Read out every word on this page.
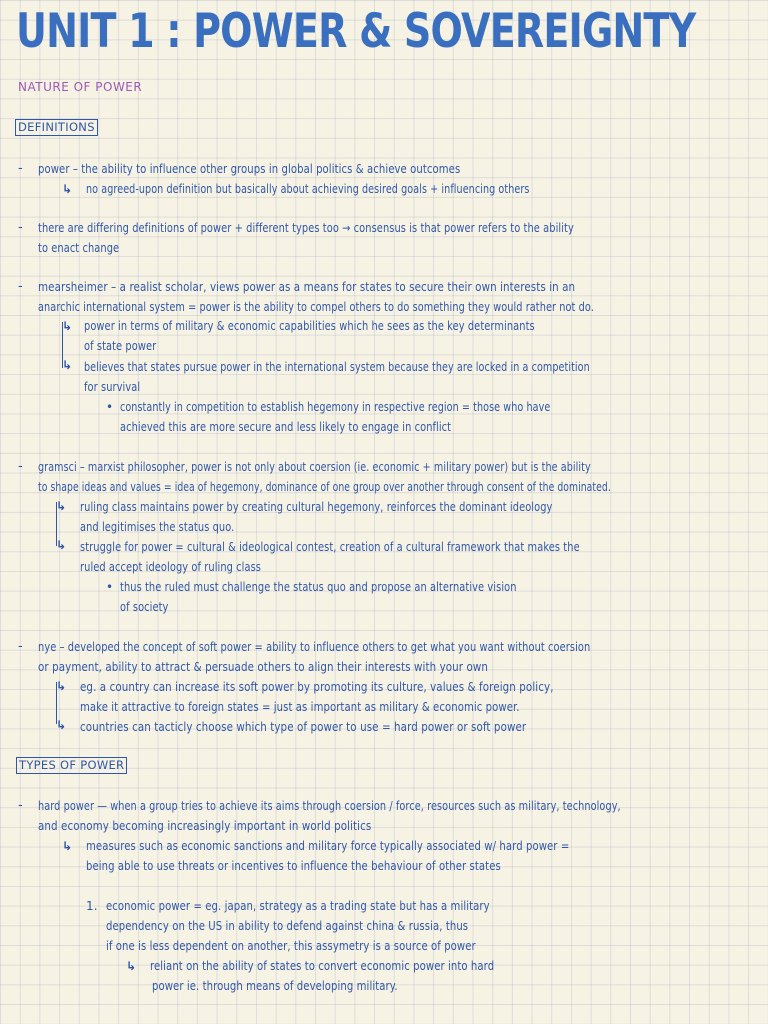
UNIT 1 : POWER & SOVEREIGNTY
NATURE OF POWER
DEFINITIONS
- power – the ability to influence other groups in global politics & achieve outcomes
↳ no agreed-upon definition but basically about achieving desired goals + influencing others
- there are differing definitions of power + different types too → consensus is that power refers to the ability
to enact change
- mearsheimer – a realist scholar, views power as a means for states to secure their own interests in an
anarchic international system = power is the ability to compel others to do something they would rather not do.
↳ power in terms of military & economic capabilities which he sees as the key determinants
of state power
↳ believes that states pursue power in the international system because they are locked in a competition
for survival
• constantly in competition to establish hegemony in respective region = those who have
achieved this are more secure and less likely to engage in conflict
- gramsci – marxist philosopher, power is not only about coersion (ie. economic + military power) but is the ability
to shape ideas and values = idea of hegemony, dominance of one group over another through consent of the dominated.
↳ ruling class maintains power by creating cultural hegemony, reinforces the dominant ideology
and legitimises the status quo.
↳ struggle for power = cultural & ideological contest, creation of a cultural framework that makes the
ruled accept ideology of ruling class
• thus the ruled must challenge the status quo and propose an alternative vision
of society
- nye – developed the concept of soft power = ability to influence others to get what you want without coersion
or payment, ability to attract & persuade others to align their interests with your own
↳ eg. a country can increase its soft power by promoting its culture, values & foreign policy,
make it attractive to foreign states = just as important as military & economic power.
↳ countries can tacticly choose which type of power to use = hard power or soft power
TYPES OF POWER
- hard power — when a group tries to achieve its aims through coersion / force, resources such as military, technology,
and economy becoming increasingly important in world politics
↳ measures such as economic sanctions and military force typically associated w/ hard power =
being able to use threats or incentives to influence the behaviour of other states
1. economic power = eg. japan, strategy as a trading state but has a military
dependency on the US in ability to defend against china & russia, thus
if one is less dependent on another, this assymetry is a source of power
↳ reliant on the ability of states to convert economic power into hard
power ie. through means of developing military.
